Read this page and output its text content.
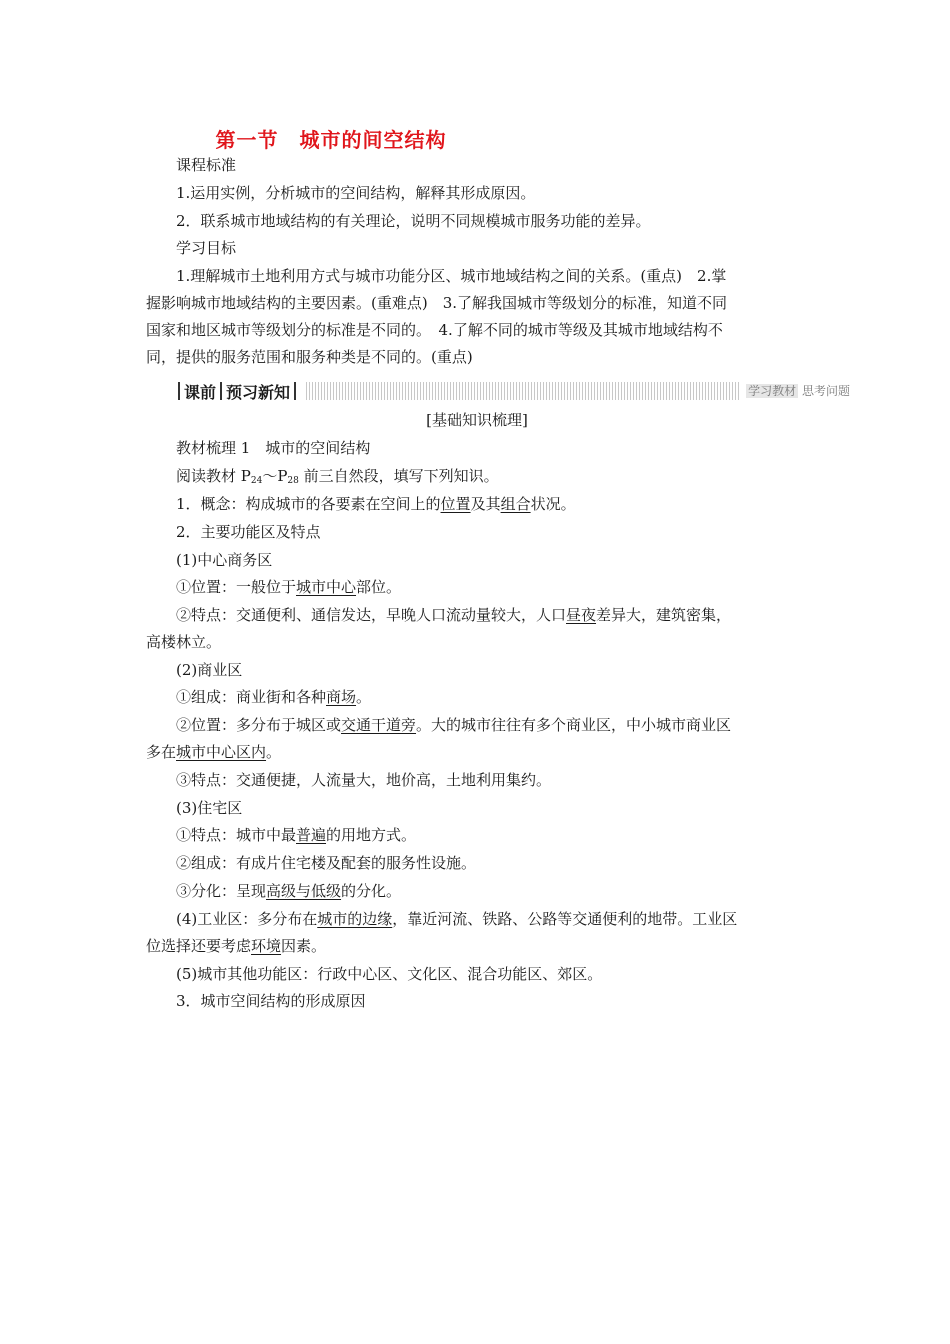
第一节　城市的间空结构
课程标准
1.运用实例，分析城市的空间结构，解释其形成原因。
2．联系城市地域结构的有关理论，说明不同规模城市服务功能的差异。
学习目标
1.理解城市土地利用方式与城市功能分区、城市地域结构之间的关系。(重点)　2.掌
握影响城市地域结构的主要因素。(重难点)　3.了解我国城市等级划分的标准，知道不同
国家和地区城市等级划分的标准是不同的。　4.了解不同的城市等级及其城市地域结构不
同，提供的服务范围和服务种类是不同的。(重点)
课前 预习新知	学习教材 思考问题
[基础知识梳理]
教材梳理 1　城市的空间结构
阅读教材 $P_{24}\sim P_{28}$ 前三自然段，填写下列知识。
1．概念：构成城市的各要素在空间上的位置及其组合状况。
2．主要功能区及特点
(1)中心商务区
①位置：一般位于城市中心部位。
②特点：交通便利、通信发达，早晚人口流动量较大，人口昼夜差异大，建筑密集，
高楼林立。
(2)商业区
①组成：商业街和各种商场。
②位置：多分布于城区或交通干道旁。大的城市往往有多个商业区，中小城市商业区
多在城市中心区内。
③特点：交通便捷，人流量大，地价高，土地利用集约。
(3)住宅区
①特点：城市中最普遍的用地方式。
②组成：有成片住宅楼及配套的服务性设施。
③分化：呈现高级与低级的分化。
(4)工业区：多分布在城市的边缘，靠近河流、铁路、公路等交通便利的地带。工业区
位选择还要考虑环境因素。
(5)城市其他功能区：行政中心区、文化区、混合功能区、郊区。
3．城市空间结构的形成原因
